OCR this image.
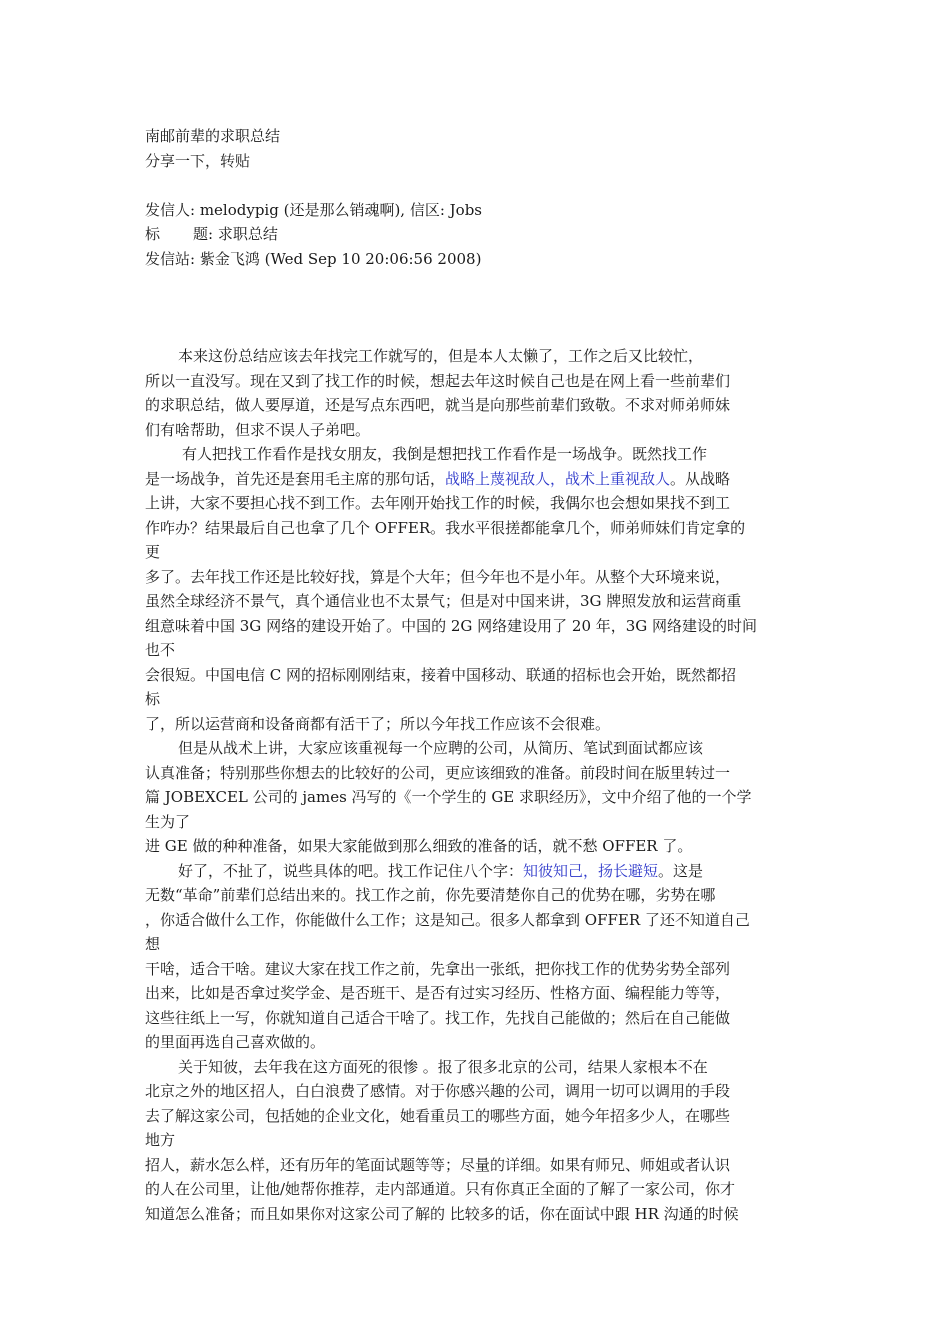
南邮前辈的求职总结
分享一下，转贴
发信人: melodypig (还是那么销魂啊), 信区: Jobs
标 题: 求职总结
发信站: 紫金飞鸿 (Wed Sep 10 20:06:56 2008)
本来这份总结应该去年找完工作就写的，但是本人太懒了，工作之后又比较忙，
所以一直没写。现在又到了找工作的时候，想起去年这时候自己也是在网上看一些前辈们
的求职总结，做人要厚道，还是写点东西吧，就当是向那些前辈们致敬。不求对师弟师妹
们有啥帮助，但求不误人子弟吧。
有人把找工作看作是找女朋友，我倒是想把找工作看作是一场战争。既然找工作
是一场战争，首先还是套用毛主席的那句话，战略上蔑视敌人，战术上重视敌人。从战略
上讲，大家不要担心找不到工作。去年刚开始找工作的时候，我偶尔也会想如果找不到工
作咋办？结果最后自己也拿了几个 OFFER。我水平很搓都能拿几个，师弟师妹们肯定拿的
更
多了。去年找工作还是比较好找，算是个大年；但今年也不是小年。从整个大环境来说，
虽然全球经济不景气，真个通信业也不太景气；但是对中国来讲，3G 牌照发放和运营商重
组意味着中国 3G 网络的建设开始了。中国的 2G 网络建设用了 20 年，3G 网络建设的时间
也不
会很短。中国电信 C 网的招标刚刚结束，接着中国移动、联通的招标也会开始，既然都招
标
了，所以运营商和设备商都有活干了；所以今年找工作应该不会很难。
但是从战术上讲，大家应该重视每一个应聘的公司，从简历、笔试到面试都应该
认真准备；特别那些你想去的比较好的公司，更应该细致的准备。前段时间在版里转过一
篇 JOBEXCEL 公司的 james 冯写的《一个学生的 GE 求职经历》，文中介绍了他的一个学
生为了
进 GE 做的种种准备，如果大家能做到那么细致的准备的话，就不愁 OFFER 了。
好了，不扯了，说些具体的吧。找工作记住八个字：知彼知己，扬长避短。这是
无数“革命”前辈们总结出来的。找工作之前，你先要清楚你自己的优势在哪，劣势在哪
，你适合做什么工作，你能做什么工作；这是知己。很多人都拿到 OFFER 了还不知道自己
想
干啥，适合干啥。建议大家在找工作之前，先拿出一张纸，把你找工作的优势劣势全部列
出来，比如是否拿过奖学金、是否班干、是否有过实习经历、性格方面、编程能力等等，
这些往纸上一写，你就知道自己适合干啥了。找工作，先找自己能做的；然后在自己能做
的里面再选自己喜欢做的。
关于知彼，去年我在这方面死的很惨 。报了很多北京的公司，结果人家根本不在
北京之外的地区招人，白白浪费了感情。对于你感兴趣的公司，调用一切可以调用的手段
去了解这家公司，包括她的企业文化，她看重员工的哪些方面，她今年招多少人，在哪些
地方
招人，薪水怎么样，还有历年的笔面试题等等；尽量的详细。如果有师兄、师姐或者认识
的人在公司里，让他/她帮你推荐，走内部通道。只有你真正全面的了解了一家公司，你才
知道怎么准备；而且如果你对这家公司了解的 比较多的话，你在面试中跟 HR 沟通的时候
